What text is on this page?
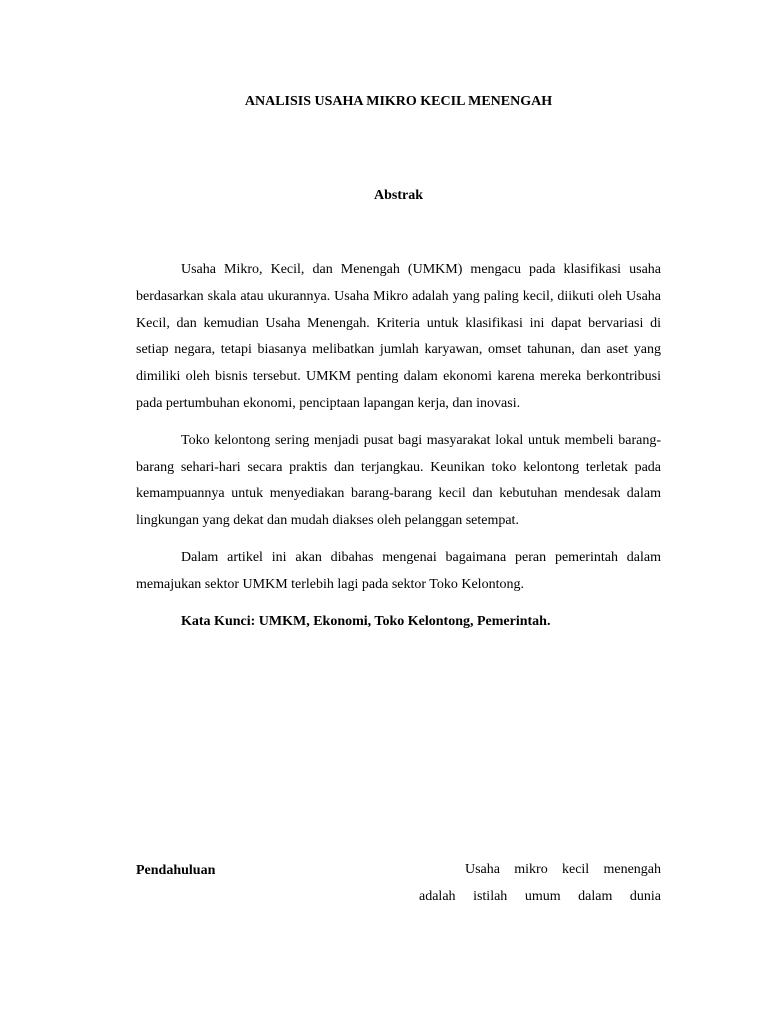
ANALISIS USAHA MIKRO KECIL MENENGAH
Abstrak

Usaha Mikro, Kecil, dan Menengah (UMKM) mengacu pada klasifikasi usaha berdasarkan skala atau ukurannya. Usaha Mikro adalah yang paling kecil, diikuti oleh Usaha Kecil, dan kemudian Usaha Menengah. Kriteria untuk klasifikasi ini dapat bervariasi di setiap negara, tetapi biasanya melibatkan jumlah karyawan, omset tahunan, dan aset yang dimiliki oleh bisnis tersebut. UMKM penting dalam ekonomi karena mereka berkontribusi pada pertumbuhan ekonomi, penciptaan lapangan kerja, dan inovasi.

Toko kelontong sering menjadi pusat bagi masyarakat lokal untuk membeli barang-barang sehari-hari secara praktis dan terjangkau. Keunikan toko kelontong terletak pada kemampuannya untuk menyediakan barang-barang kecil dan kebutuhan mendesak dalam lingkungan yang dekat dan mudah diakses oleh pelanggan setempat.

Dalam artikel ini akan dibahas mengenai bagaimana peran pemerintah dalam memajukan sektor UMKM terlebih lagi pada sektor Toko Kelontong.

Kata Kunci: UMKM, Ekonomi, Toko Kelontong, Pemerintah.

Pendahuluan	Usaha mikro kecil menengah adalah istilah umum dalam dunia
